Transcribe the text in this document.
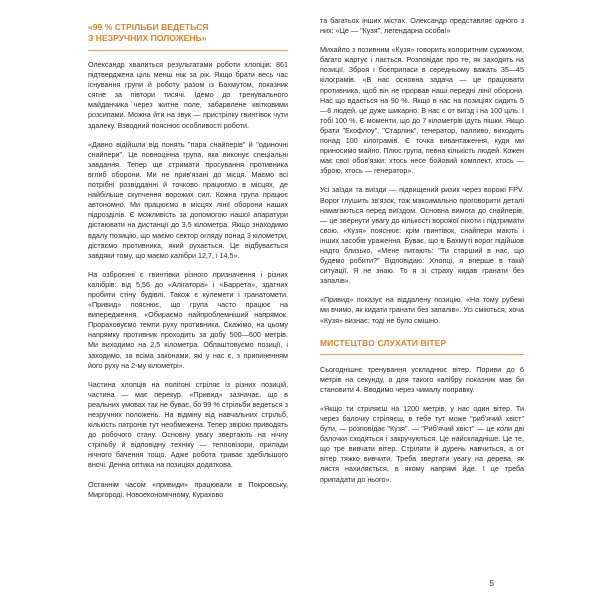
«99 % СТРІЛЬБИ ВЕДЕТЬСЯ
З НЕЗРУЧНИХ ПОЛОЖЕНЬ»

Олександр хвалиться результатами роботи хлопців: 861 підтверджена ціль менш ніж за рік. Якщо брати весь час існування групи й роботу разом із Бахмутом, показник сягне за півтори тисячі. Ідемо до тренувального майданчика через житне поле, забарвлене квітковими розсипами. Можна йти на звук — пристрілку гвинтівок чути здалеку. Взводний пояснює особливості роботи.

«Давно відійшли від понять "пара снайперів" й "одиночні снайпери". Це повноцінна група, яка виконує спеціальні завдання. Тепер ще стримати просування противника вглиб оборони. Ми не прив'язані до місця. Маємо всі потрібні розвідданні й точково працюємо в місцях, де найбільше скупчення ворожих сил. Кожна група працює автономно. Ми працюємо в місцях лінії оборони наших підрозділів. Є можливість за допомогою нашої апаратури дістаювати на дистанції до 3,5 кілометра. Якщо знаходимо вдалу позицію, що маємо сектор огляду понад 3 кілометри, дістаємо противника, який рухається. Це відбувається завдяки тому, що маємо калібри 12,7, і 14,5».

На озброєнні є гвинтівки різного призначення і різних калібрів: від 5,56 до «Алігатора» і «Баррета», здатних пробити стіну будівлі. Також є кулемети і гранатомети. «Привид» пояснює, що група часто працює на випередження. «Обираємо найпроблемніший напрямок. Прораховуємо темпи руху противника. Скажімо, на цьому напрямку противник проходить за добу 500—600 метрів. Ми виходимо на 2,5 кілометра. Облаштовуємо позиції, і заходимо, за всіма законами, які у нас є, з припиненням його руху на 2-му кілометрі».

Частина хлопців на полігоні стріляє із різних позицій, частина — має перекур. «Привид» зазначає, що в реальних умовах так не буває, бо 99 % стрільби ведеться з незручних положень. На відміну від навчальних стрільб, кількість патронів тут необмежена. Тепер звірою приводять до робочого стану. Основну увагу звертають на нічну стрільбу й відповідну техніку — тепловізори, прилади нічного бачення тощо. Адже робота триває здебільшого вночі. Денна оптика на позиціях додаткова.

Останнім часом «привиди» працювали в Покровську, Миргороді, Новоекономічному, Курахово

та багатьох інших містах. Олександр представляє одного з них: «Це — "Кузя", легендарна особа!»

Михайло з позивним «Кузя» говорить колоритним суржиком, багато жартує і лається. Розповідає про те, як заходять на позиції. Зброя і боєприпаси в середньому важать 35—45 кілограмів. «В нас основна задача — це працювати противника, щоб він не прорвав наші передні лінії оборони. Нас що вдається на 90 %. Якщо в нас на позиціях сидить 5—6 людей, це дуже шикарно. В нас є от виїзд і на 100 ціль. І тобі 100 %. Є моменти, що до 7 кілометрів ідуть пішки. Якщо брати "Екофлоу", "Старлінк", генератор, палливо, виходить понад 100 кілограмів. Є точка вивантаження, куди ми приносимо майно. Плюс група, певна кількість людей. Кожен має свої обов'язки: хтось несе бойовий комплект, хтось — зброю, хтось — генератор».

Усі заїзди та виїзди — підвищений ризик через ворожі FPV. Ворог глушить зв'язок, тож максимально проговорити деталі намагаються перед виїздом. Основна вимога до снайперів, — це звернути увагу до кількості ворожої піхоти і підтримати свою. «Кузя» пояснює: крім гвинтівок, снайпери мають і інших засобів ураження. Буває, що в Бахмуті ворог підійшов надто близько. «Мене питають: "Ти старший в нас, що будемо робити?" Відповідаю: Хлопці, я вперше в такій ситуації. Я не знаю. То я зі страху кидав гранати без запалів».

«Привид» показує на віддалену позицію. «На тому рубежі ми вчимо, як кидати гранати без запалів». Усі сміються, хоча «Кузя» визнає: тоді не було смішно.

МИСТЕЦТВО СЛУХАТИ ВІТЕР

Сьогоднішнє тренування ускладнює вітер. Пориви до 6 метрів на секунду, а для такого калібру показник мав би становити 4. Вводимо через чималу поправку.

«Якщо ти стріляєш на 1200 метрів, у нас один вітер. Ти через балочку стріляєш, в тебе тут може "риб'ячий хвіст" бути, — розповідає "Кузя". — "Риб'ячий хвіст" — це коли дві балочки сходяться і закручуються. Це найскладніше. Це те, що тре вивчати вітер. Стріляти й дурень навчиться, а от вітер тяжко вивчити. Треба звертати увагу на дерева, як листя нахиляється, в якому напрямі йде. І це треба припадати до нього».

5
